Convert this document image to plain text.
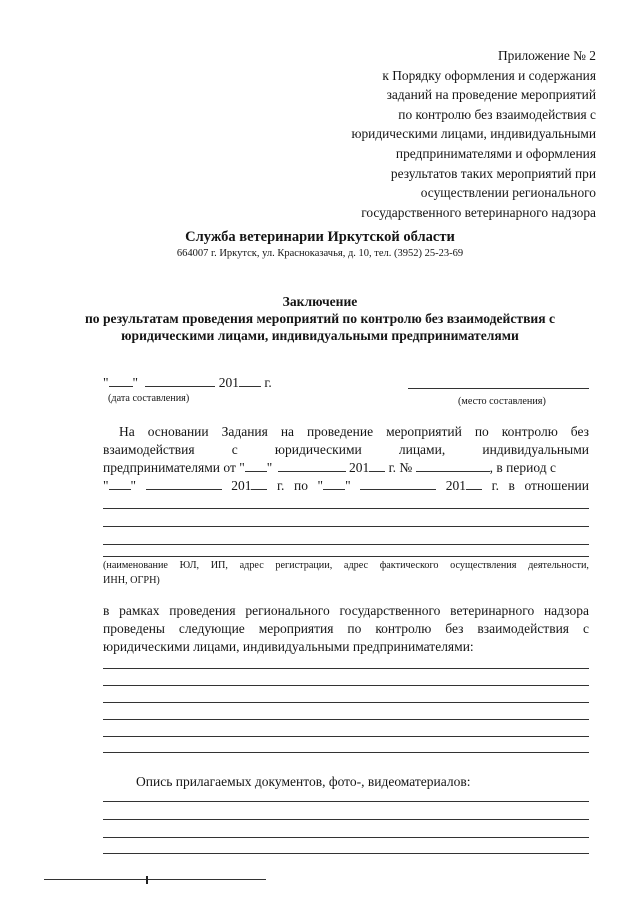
Приложение № 2
к Порядку оформления и содержания
заданий на проведение мероприятий
по контролю без взаимодействия с
юридическими лицами, индивидуальными
предпринимателями и оформления
результатов таких мероприятий при
осуществлении регионального
государственного ветеринарного надзора
Служба ветеринарии Иркутской области
664007 г. Иркутск, ул. Красноказачья, д. 10, тел. (3952) 25-23-69
Заключение
по результатам проведения мероприятий по контролю без взаимодействия с
юридическими лицами, индивидуальными предпринимателями
" "	201 г.
(дата составления)	(место составления)
На основании Задания на проведение мероприятий по контролю без
взаимодействия	с	юридическими	лицами,	индивидуальными
предпринимателями от " "	201 г. №	, в период с
" "	201	г. по " "	201	г. в отношении
(наименование ЮЛ, ИП, адрес регистрации, адрес фактического осуществления деятельности,
ИНН, ОГРН)
в рамках проведения регионального государственного ветеринарного надзора
проведены следующие мероприятия по контролю без взаимодействия с
юридическими лицами, индивидуальными предпринимателями:
Опись прилагаемых документов, фото-, видеоматериалов:
